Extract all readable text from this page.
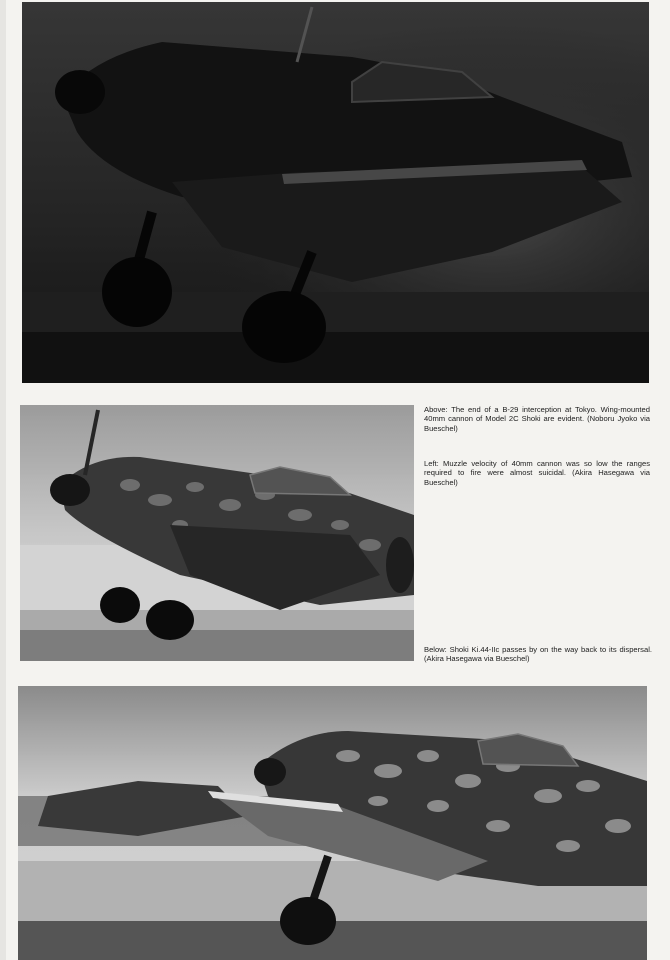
Above: The end of a B-29 interception at Tokyo. Wing-mounted 40mm cannon of Model 2C Shoki are evident. (Noboru Jyoko via Bueschel)

Left: Muzzle velocity of 40mm cannon was so low the ranges required to fire were almost suicidal. (Akira Hasegawa via Bueschel)

Below: Shoki Ki.44-IIc passes by on the way back to its dispersal. (Akira Hasegawa via Bueschel)
